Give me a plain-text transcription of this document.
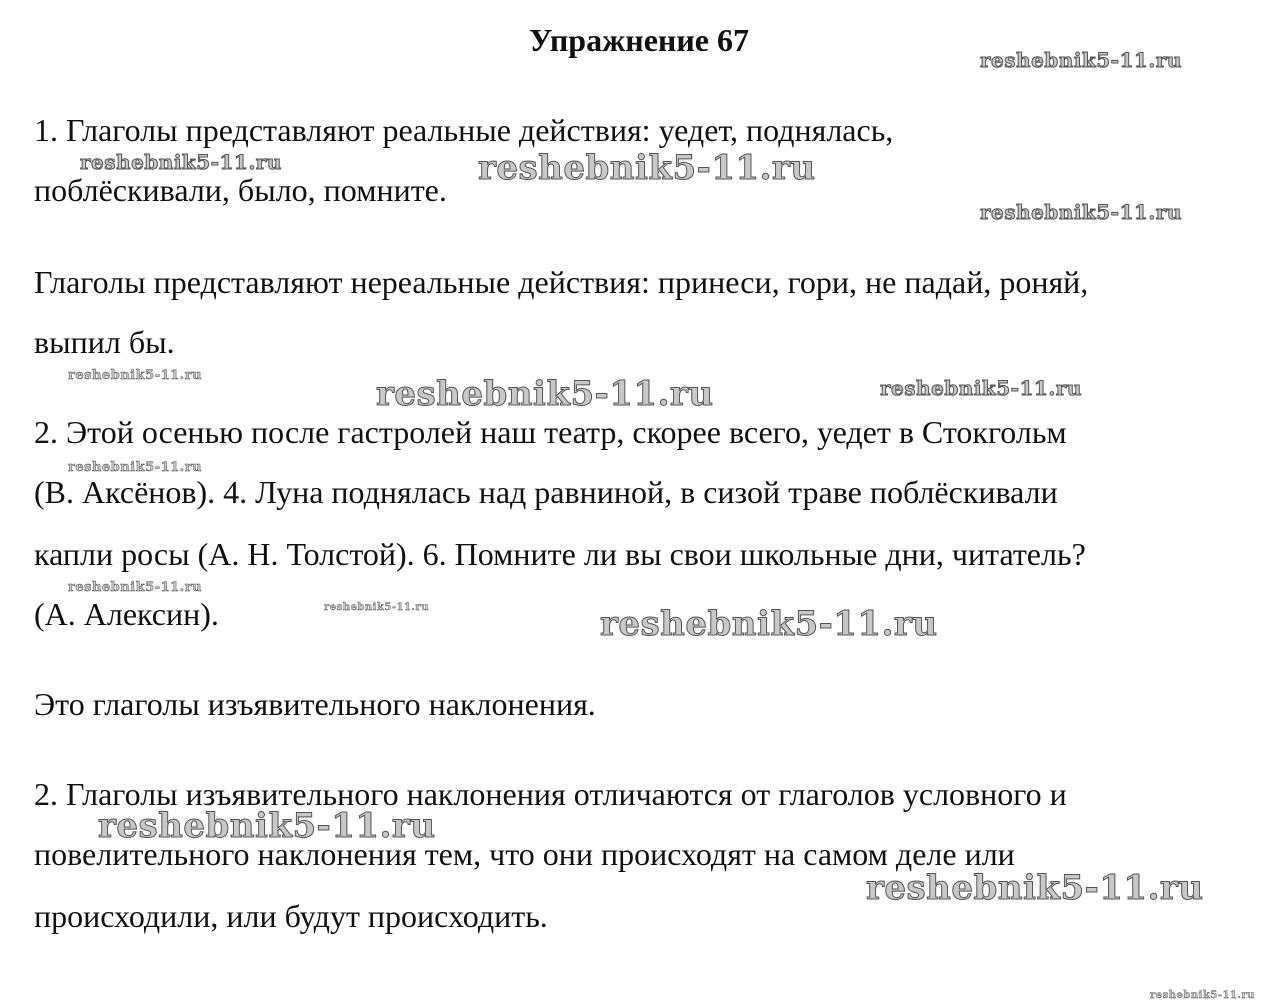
Упражнение 67
1. Глаголы представляют реальные действия: уедет, поднялась,
поблёскивали, было, помните.
Глаголы представляют нереальные действия: принеси, гори, не падай, роняй,
выпил бы.
2. Этой осенью после гастролей наш театр, скорее всего, уедет в Стокгольм
(В. Аксёнов). 4. Луна поднялась над равниной, в сизой траве поблёскивали
капли росы (А. Н. Толстой). 6. Помните ли вы свои школьные дни, читатель?
(А. Алексин).
Это глаголы изъявительного наклонения.
2. Глаголы изъявительного наклонения отличаются от глаголов условного и
повелительного наклонения тем, что они происходят на самом деле или
происходили, или будут происходить.
reshebnik5-11.ru
reshebnik5-11.ru	reshebnik5-11.ru
reshebnik5-11.ru
reshebnik5-11.ru	reshebnik5-11.ru	reshebnik5-11.ru
reshebnik5-11.ru
reshebnik5-11.ru
reshebnik5-11.ru	reshebnik5-11.ru
reshebnik5-11.ru
reshebnik5-11.ru
reshebnik5-11.ru
